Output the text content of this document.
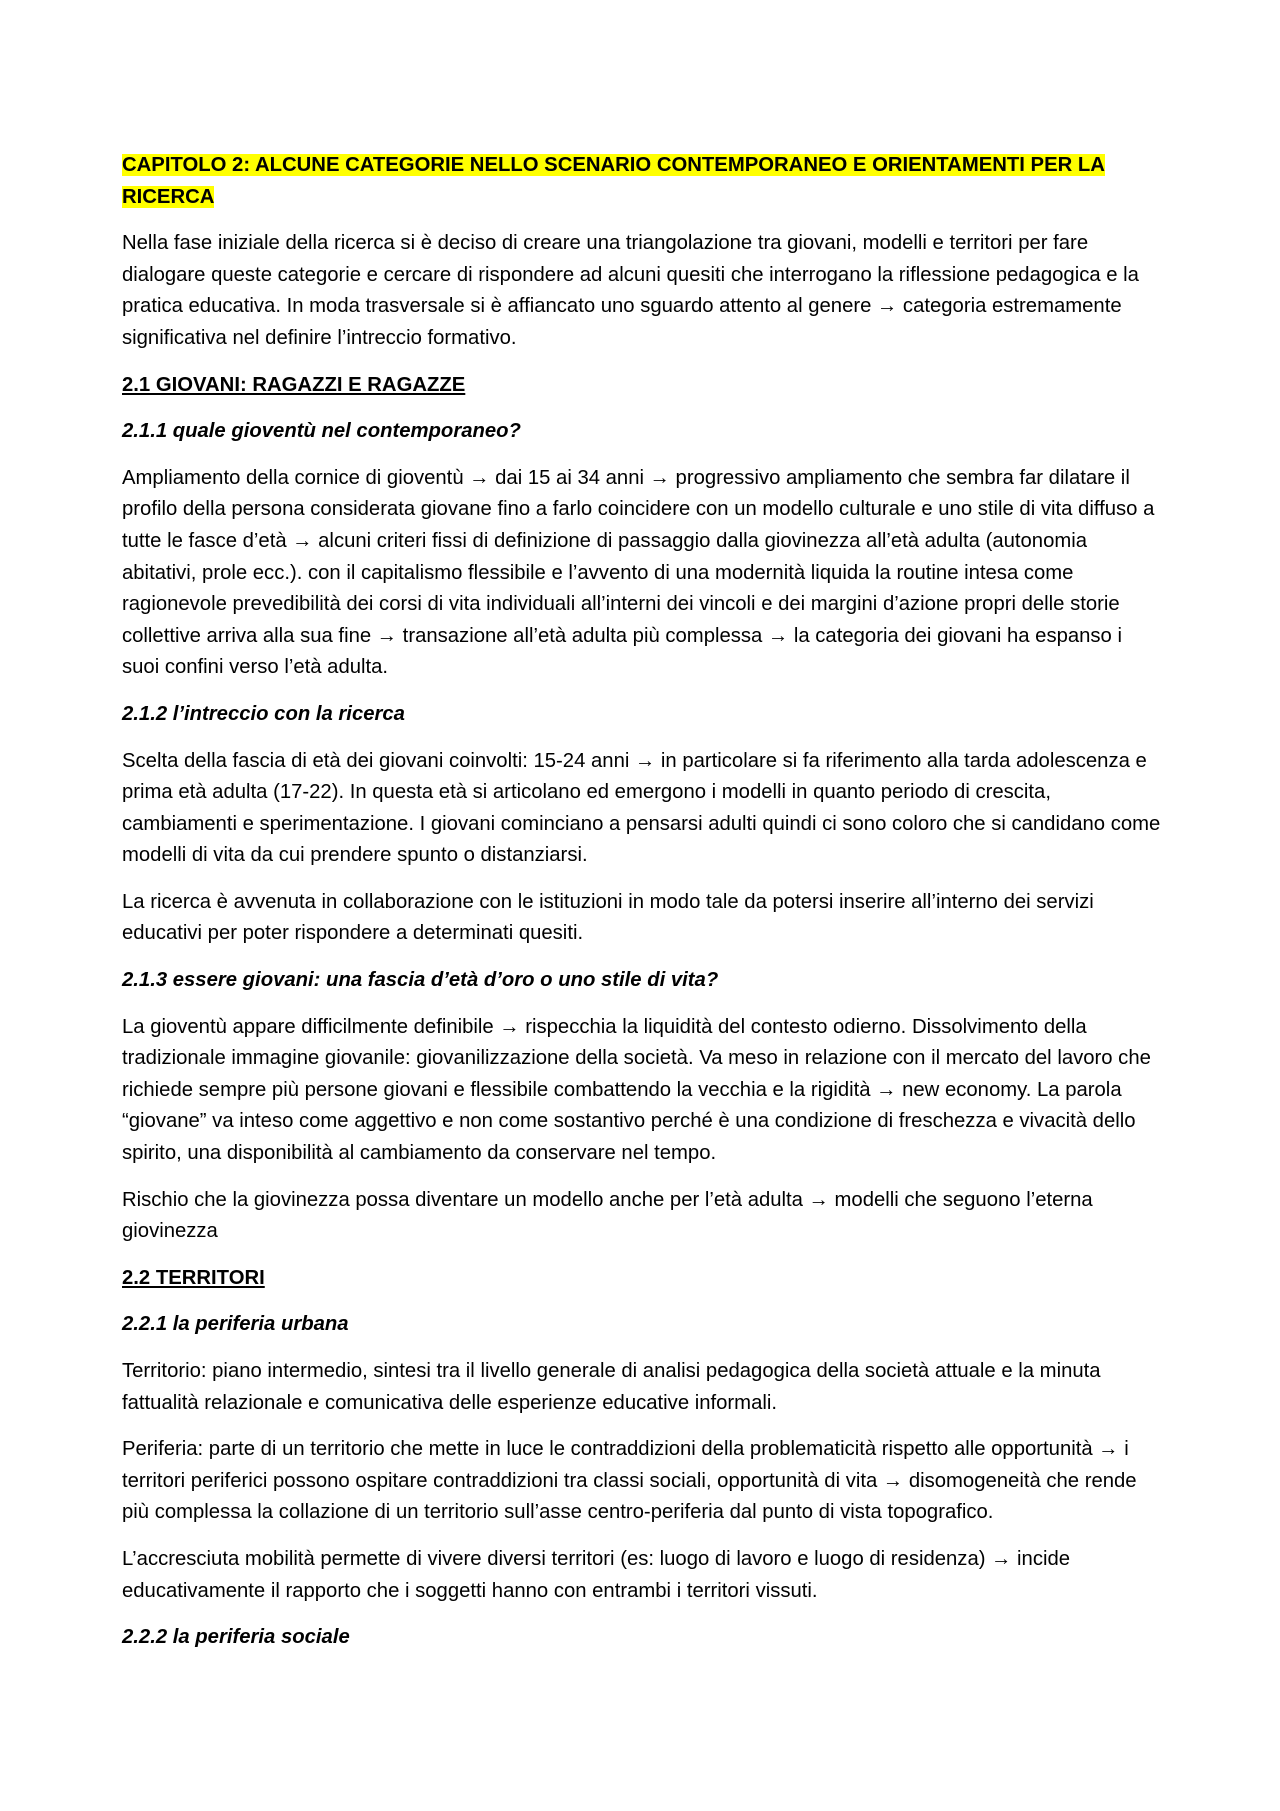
CAPITOLO 2: ALCUNE CATEGORIE NELLO SCENARIO CONTEMPORANEO E ORIENTAMENTI PER LA RICERCA

Nella fase iniziale della ricerca si è deciso di creare una triangolazione tra giovani, modelli e territori per fare dialogare queste categorie e cercare di rispondere ad alcuni quesiti che interrogano la riflessione pedagogica e la pratica educativa. In moda trasversale si è affiancato uno sguardo attento al genere → categoria estremamente significativa nel definire l’intreccio formativo.

2.1 GIOVANI: RAGAZZI E RAGAZZE

2.1.1 quale gioventù nel contemporaneo?

Ampliamento della cornice di gioventù → dai 15 ai 34 anni → progressivo ampliamento che sembra far dilatare il profilo della persona considerata giovane fino a farlo coincidere con un modello culturale e uno stile di vita diffuso a tutte le fasce d’età → alcuni criteri fissi di definizione di passaggio dalla giovinezza all’età adulta (autonomia abitativi, prole ecc.). con il capitalismo flessibile e l’avvento di una modernità liquida la routine intesa come ragionevole prevedibilità dei corsi di vita individuali all’interni dei vincoli e dei margini d’azione propri delle storie collettive arriva alla sua fine → transazione all’età adulta più complessa → la categoria dei giovani ha espanso i suoi confini verso l’età adulta.

2.1.2 l’intreccio con la ricerca

Scelta della fascia di età dei giovani coinvolti: 15-24 anni → in particolare si fa riferimento alla tarda adolescenza e prima età adulta (17-22). In questa età si articolano ed emergono i modelli in quanto periodo di crescita, cambiamenti e sperimentazione. I giovani cominciano a pensarsi adulti quindi ci sono coloro che si candidano come modelli di vita da cui prendere spunto o distanziarsi.

La ricerca è avvenuta in collaborazione con le istituzioni in modo tale da potersi inserire all’interno dei servizi educativi per poter rispondere a determinati quesiti.

2.1.3 essere giovani: una fascia d’età d’oro o uno stile di vita?

La gioventù appare difficilmente definibile → rispecchia la liquidità del contesto odierno. Dissolvimento della tradizionale immagine giovanile: giovanilizzazione della società. Va meso in relazione con il mercato del lavoro che richiede sempre più persone giovani e flessibile combattendo la vecchia e la rigidità → new economy. La parola “giovane” va inteso come aggettivo e non come sostantivo perché è una condizione di freschezza e vivacità dello spirito, una disponibilità al cambiamento da conservare nel tempo.

Rischio che la giovinezza possa diventare un modello anche per l’età adulta → modelli che seguono l’eterna giovinezza

2.2 TERRITORI

2.2.1 la periferia urbana

Territorio: piano intermedio, sintesi tra il livello generale di analisi pedagogica della società attuale e la minuta fattualità relazionale e comunicativa delle esperienze educative informali.

Periferia: parte di un territorio che mette in luce le contraddizioni della problematicità rispetto alle opportunità → i territori periferici possono ospitare contraddizioni tra classi sociali, opportunità di vita → disomogeneità che rende più complessa la collazione di un territorio sull’asse centro-periferia dal punto di vista topografico.

L’accresciuta mobilità permette di vivere diversi territori (es: luogo di lavoro e luogo di residenza) → incide educativamente il rapporto che i soggetti hanno con entrambi i territori vissuti.

2.2.2 la periferia sociale
